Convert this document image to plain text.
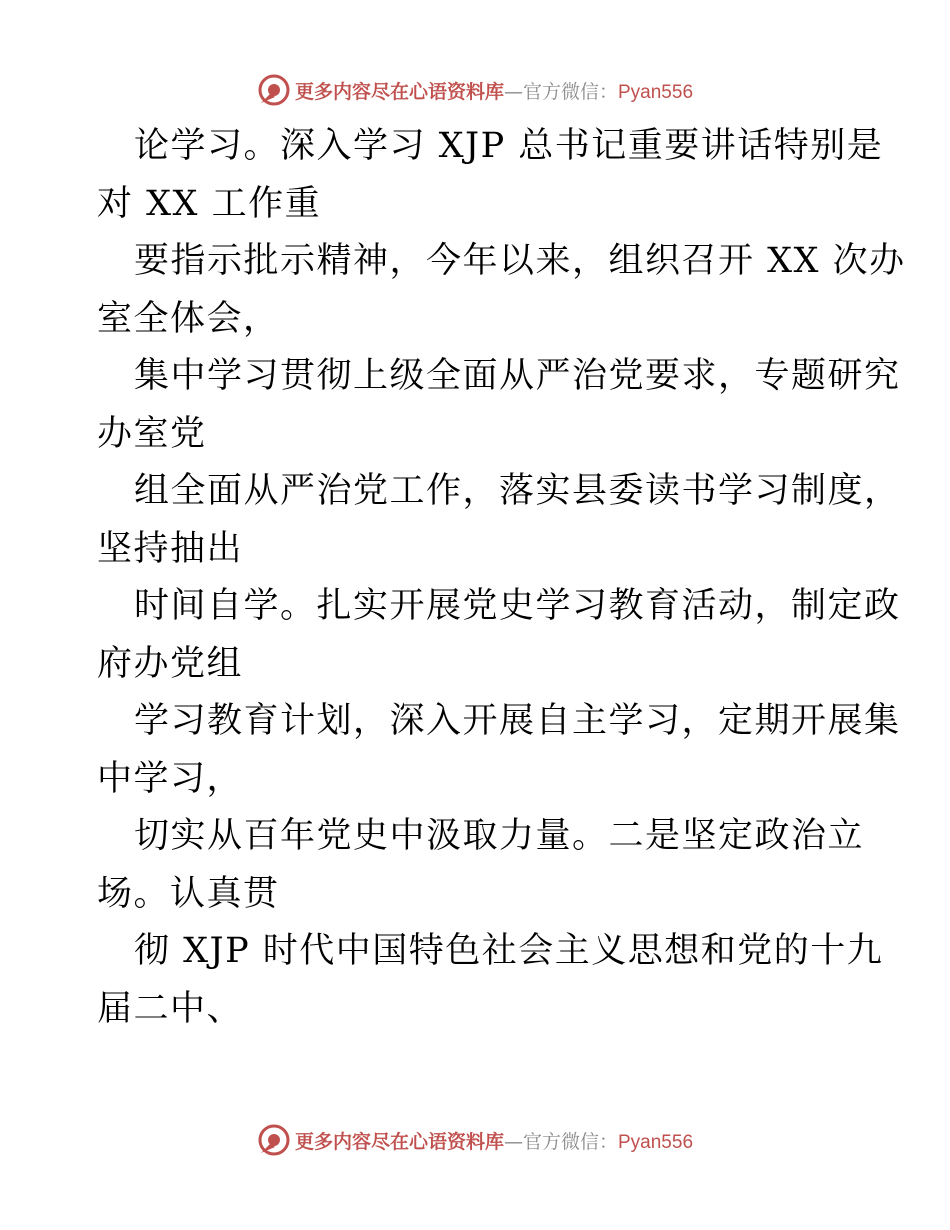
更多内容尽在心语资料库—官方微信：Pyan556

论学习。深入学习 XJP 总书记重要讲话特别是
对 XX 工作重

要指示批示精神，今年以来，组织召开 XX 次办
室全体会，

集中学习贯彻上级全面从严治党要求，专题研究
办室党

组全面从严治党工作，落实县委读书学习制度，
坚持抽出

时间自学。扎实开展党史学习教育活动，制定政
府办党组

学习教育计划，深入开展自主学习，定期开展集
中学习，

切实从百年党史中汲取力量。二是坚定政治立
场。认真贯

彻 XJP 时代中国特色社会主义思想和党的十九
届二中、

更多内容尽在心语资料库—官方微信：Pyan556
